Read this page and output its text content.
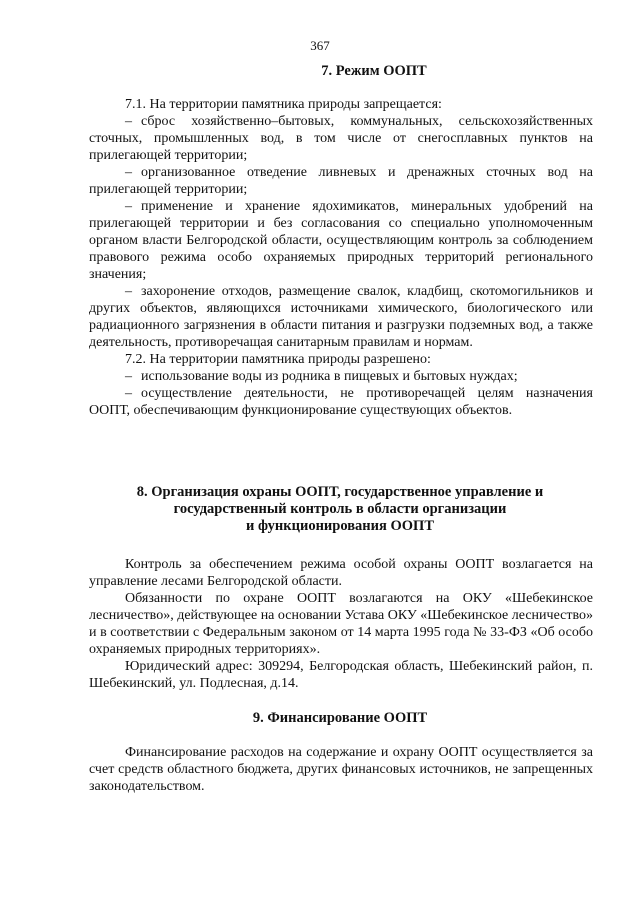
367
7. Режим ООПТ

7.1. На территории памятника природы запрещается:

– сброс хозяйственно–бытовых, коммунальных, сельскохозяйственных сточных, промышленных вод, в том числе от снегосплавных пунктов на прилегающей территории;

– организованное отведение ливневых и дренажных сточных вод на прилегающей территории;

– применение и хранение ядохимикатов, минеральных удобрений на прилегающей территории и без согласования со специально уполномоченным органом власти Белгородской области, осуществляющим контроль за соблюдением правового режима особо охраняемых природных территорий регионального значения;

– захоронение отходов, размещение свалок, кладбищ, скотомогильников и других объектов, являющихся источниками химического, биологического или радиационного загрязнения в области питания и разгрузки подземных вод, а также деятельность, противоречащая санитарным правилам и нормам.

7.2. На территории памятника природы разрешено:

– использование воды из родника в пищевых и бытовых нуждах;

– осуществление деятельности, не противоречащей целям назначения ООПТ, обеспечивающим функционирование существующих объектов.

8. Организация охраны ООПТ, государственное управление и
государственный контроль в области организации
и функционирования ООПТ

Контроль за обеспечением режима особой охраны ООПТ возлагается на управление лесами Белгородской области.

Обязанности по охране ООПТ возлагаются на ОКУ «Шебекинское лесничество», действующее на основании Устава ОКУ «Шебекинское лесничество» и в соответствии с Федеральным законом от 14 марта 1995 года № 33-ФЗ «Об особо охраняемых природных территориях».

Юридический адрес: 309294, Белгородская область, Шебекинский район, п. Шебекинский, ул. Подлесная, д.14.

9. Финансирование ООПТ

Финансирование расходов на содержание и охрану ООПТ осуществляется за счет средств областного бюджета, других финансовых источников, не запрещенных законодательством.
